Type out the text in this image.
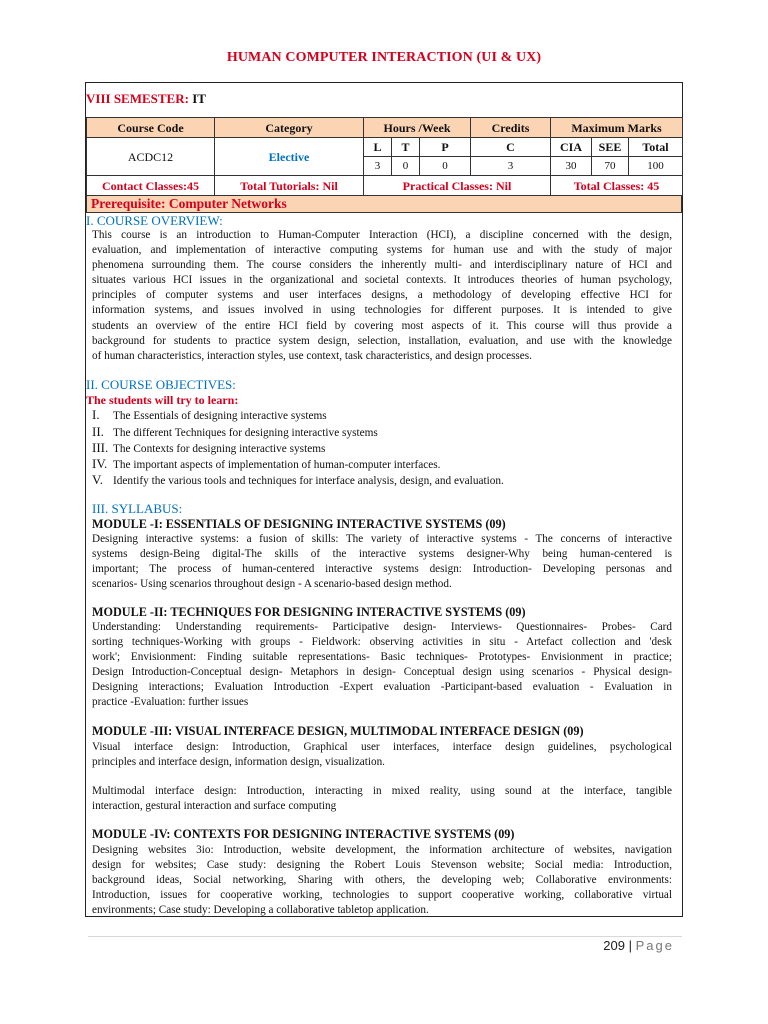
HUMAN COMPUTER INTERACTION (UI & UX)
VIII SEMESTER: IT
Course Code	Category	Hours /Week			Credits	Maximum Marks		
ACDC12	Elective	L	T	P	C	CIA	SEE	Total
		3	0	0	3	30	70	100
Contact Classes:45	Total Tutorials: Nil	Practical Classes: Nil				Total Classes: 45		
Prerequisite: Computer Networks
I. COURSE OVERVIEW:
This course is an introduction to Human-Computer Interaction (HCI), a discipline concerned with the design,
evaluation, and implementation of interactive computing systems for human use and with the study of major
phenomena surrounding them. The course considers the inherently multi- and interdisciplinary nature of HCI and
situates various HCI issues in the organizational and societal contexts. It introduces theories of human psychology,
principles of computer systems and user interfaces designs, a methodology of developing effective HCI for
information systems, and issues involved in using technologies for different purposes. It is intended to give
students an overview of the entire HCI field by covering most aspects of it. This course will thus provide a
background for students to practice system design, selection, installation, evaluation, and use with the knowledge
of human characteristics, interaction styles, use context, task characteristics, and design processes.
II. COURSE OBJECTIVES:
The students will try to learn:
I. The Essentials of designing interactive systems
II. The different Techniques for designing interactive systems
III. The Contexts for designing interactive systems
IV. The important aspects of implementation of human-computer interfaces.
V. Identify the various tools and techniques for interface analysis, design, and evaluation.
III. SYLLABUS:
MODULE -I: ESSENTIALS OF DESIGNING INTERACTIVE SYSTEMS (09)
Designing interactive systems: a fusion of skills: The variety of interactive systems - The concerns of interactive
systems design-Being digital-The skills of the interactive systems designer-Why being human-centered is
important; The process of human-centered interactive systems design: Introduction- Developing personas and
scenarios- Using scenarios throughout design - A scenario-based design method.
MODULE -II: TECHNIQUES FOR DESIGNING INTERACTIVE SYSTEMS (09)
Understanding: Understanding requirements- Participative design- Interviews- Questionnaires- Probes- Card
sorting techniques-Working with groups - Fieldwork: observing activities in situ - Artefact collection and 'desk
work'; Envisionment: Finding suitable representations- Basic techniques- Prototypes- Envisionment in practice;
Design Introduction-Conceptual design- Metaphors in design- Conceptual design using scenarios - Physical design-
Designing interactions; Evaluation Introduction -Expert evaluation -Participant-based evaluation - Evaluation in
practice -Evaluation: further issues
MODULE -III: VISUAL INTERFACE DESIGN, MULTIMODAL INTERFACE DESIGN (09)
Visual interface design: Introduction, Graphical user interfaces, interface design guidelines, psychological
principles and interface design, information design, visualization.
Multimodal interface design: Introduction, interacting in mixed reality, using sound at the interface, tangible
interaction, gestural interaction and surface computing
MODULE -IV: CONTEXTS FOR DESIGNING INTERACTIVE SYSTEMS (09)
Designing websites 3io: Introduction, website development, the information architecture of websites, navigation
design for websites; Case study: designing the Robert Louis Stevenson website; Social media: Introduction,
background ideas, Social networking, Sharing with others, the developing web; Collaborative environments:
Introduction, issues for cooperative working, technologies to support cooperative working, collaborative virtual
environments; Case study: Developing a collaborative tabletop application.
209 | Page
